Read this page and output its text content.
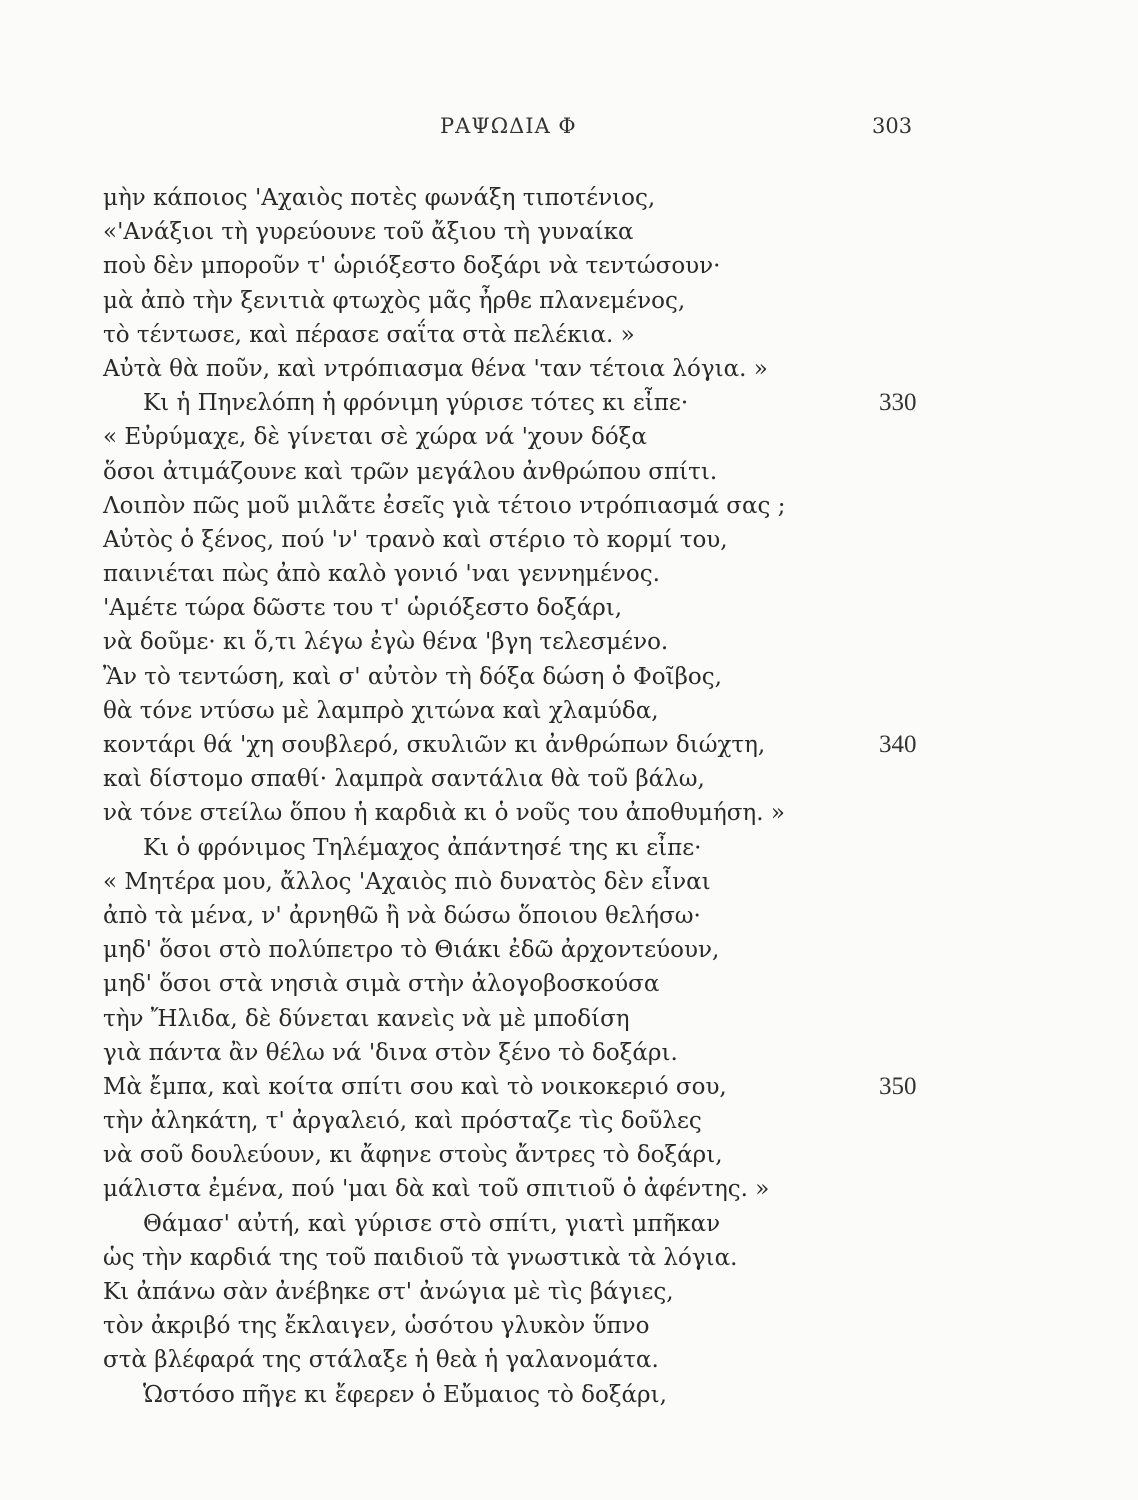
ΡΑΨΩΔΙΑ Φ	303
μὴν κάποιος 'Αχαιὸς ποτὲς φωνάξη τιποτένιος,
«'Ανάξιοι τὴ γυρεύουνε τοῦ ἄξιου τὴ γυναίκα
ποὺ δὲν μποροῦν τ' ὡριόξεστο δοξάρι νὰ τεντώσουν·
μὰ ἀπὸ τὴν ξενιτιὰ φτωχὸς μᾶς ἦρθε πλανεμένος,
τὸ τέντωσε, καὶ πέρασε σαΐτα στὰ πελέκια. »
Αὐτὰ θὰ ποῦν, καὶ ντρόπιασμα θένα 'ταν τέτοια λόγια. »
Κι ἡ Πηνελόπη ἡ φρόνιμη γύρισε τότες κι εἶπε·	330
« Εὐρύμαχε, δὲ γίνεται σὲ χώρα νά 'χουν δόξα
ὅσοι ἀτιμάζουνε καὶ τρῶν μεγάλου ἀνθρώπου σπίτι.
Λοιπὸν πῶς μοῦ μιλᾶτε ἐσεῖς γιὰ τέτοιο ντρόπιασμά σας ;
Αὐτὸς ὁ ξένος, πού 'ν' τρανὸ καὶ στέριο τὸ κορμί του,
παινιέται πὼς ἀπὸ καλὸ γονιό 'ναι γεννημένος.
'Αμέτε τώρα δῶστε του τ' ὡριόξεστο δοξάρι,
νὰ δοῦμε· κι ὅ,τι λέγω ἐγὼ θένα 'βγη τελεσμένο.
Ἂν τὸ τεντώση, καὶ σ' αὐτὸν τὴ δόξα δώση ὁ Φοῖβος,
θὰ τόνε ντύσω μὲ λαμπρὸ χιτώνα καὶ χλαμύδα,
κοντάρι θά 'χη σουβλερό, σκυλιῶν κι ἀνθρώπων διώχτη,	340
καὶ δίστομο σπαθί· λαμπρὰ σαντάλια θὰ τοῦ βάλω,
νὰ τόνε στείλω ὅπου ἡ καρδιὰ κι ὁ νοῦς του ἀποθυμήση. »
Κι ὁ φρόνιμος Τηλέμαχος ἀπάντησέ της κι εἶπε·
« Μητέρα μου, ἄλλος 'Αχαιὸς πιὸ δυνατὸς δὲν εἶναι
ἀπὸ τὰ μένα, ν' ἀρνηθῶ ἢ νὰ δώσω ὅποιου θελήσω·
μηδ' ὅσοι στὸ πολύπετρο τὸ Θιάκι ἐδῶ ἀρχοντεύουν,
μηδ' ὅσοι στὰ νησιὰ σιμὰ στὴν ἀλογοβοσκούσα
τὴν Ἤλιδα, δὲ δύνεται κανεὶς νὰ μὲ μποδίση
γιὰ πάντα ἂν θέλω νά 'δινα στὸν ξένο τὸ δοξάρι.
Μὰ ἔμπα, καὶ κοίτα σπίτι σου καὶ τὸ νοικοκεριό σου,	350
τὴν ἀληκάτη, τ' ἀργαλειό, καὶ πρόσταζε τὶς δοῦλες
νὰ σοῦ δουλεύουν, κι ἄφηνε στοὺς ἄντρες τὸ δοξάρι,
μάλιστα ἐμένα, πού 'μαι δὰ καὶ τοῦ σπιτιοῦ ὁ ἀφέντης. »
Θάμασ' αὐτή, καὶ γύρισε στὸ σπίτι, γιατὶ μπῆκαν
ὡς τὴν καρδιά της τοῦ παιδιοῦ τὰ γνωστικὰ τὰ λόγια.
Κι ἀπάνω σὰν ἀνέβηκε στ' ἀνώγια μὲ τὶς βάγιες,
τὸν ἀκριβό της ἔκλαιγεν, ὡσότου γλυκὸν ὕπνο
στὰ βλέφαρά της στάλαξε ἡ θεὰ ἡ γαλανομάτα.
Ὡστόσο πῆγε κι ἔφερεν ὁ Εὔμαιος τὸ δοξάρι,
